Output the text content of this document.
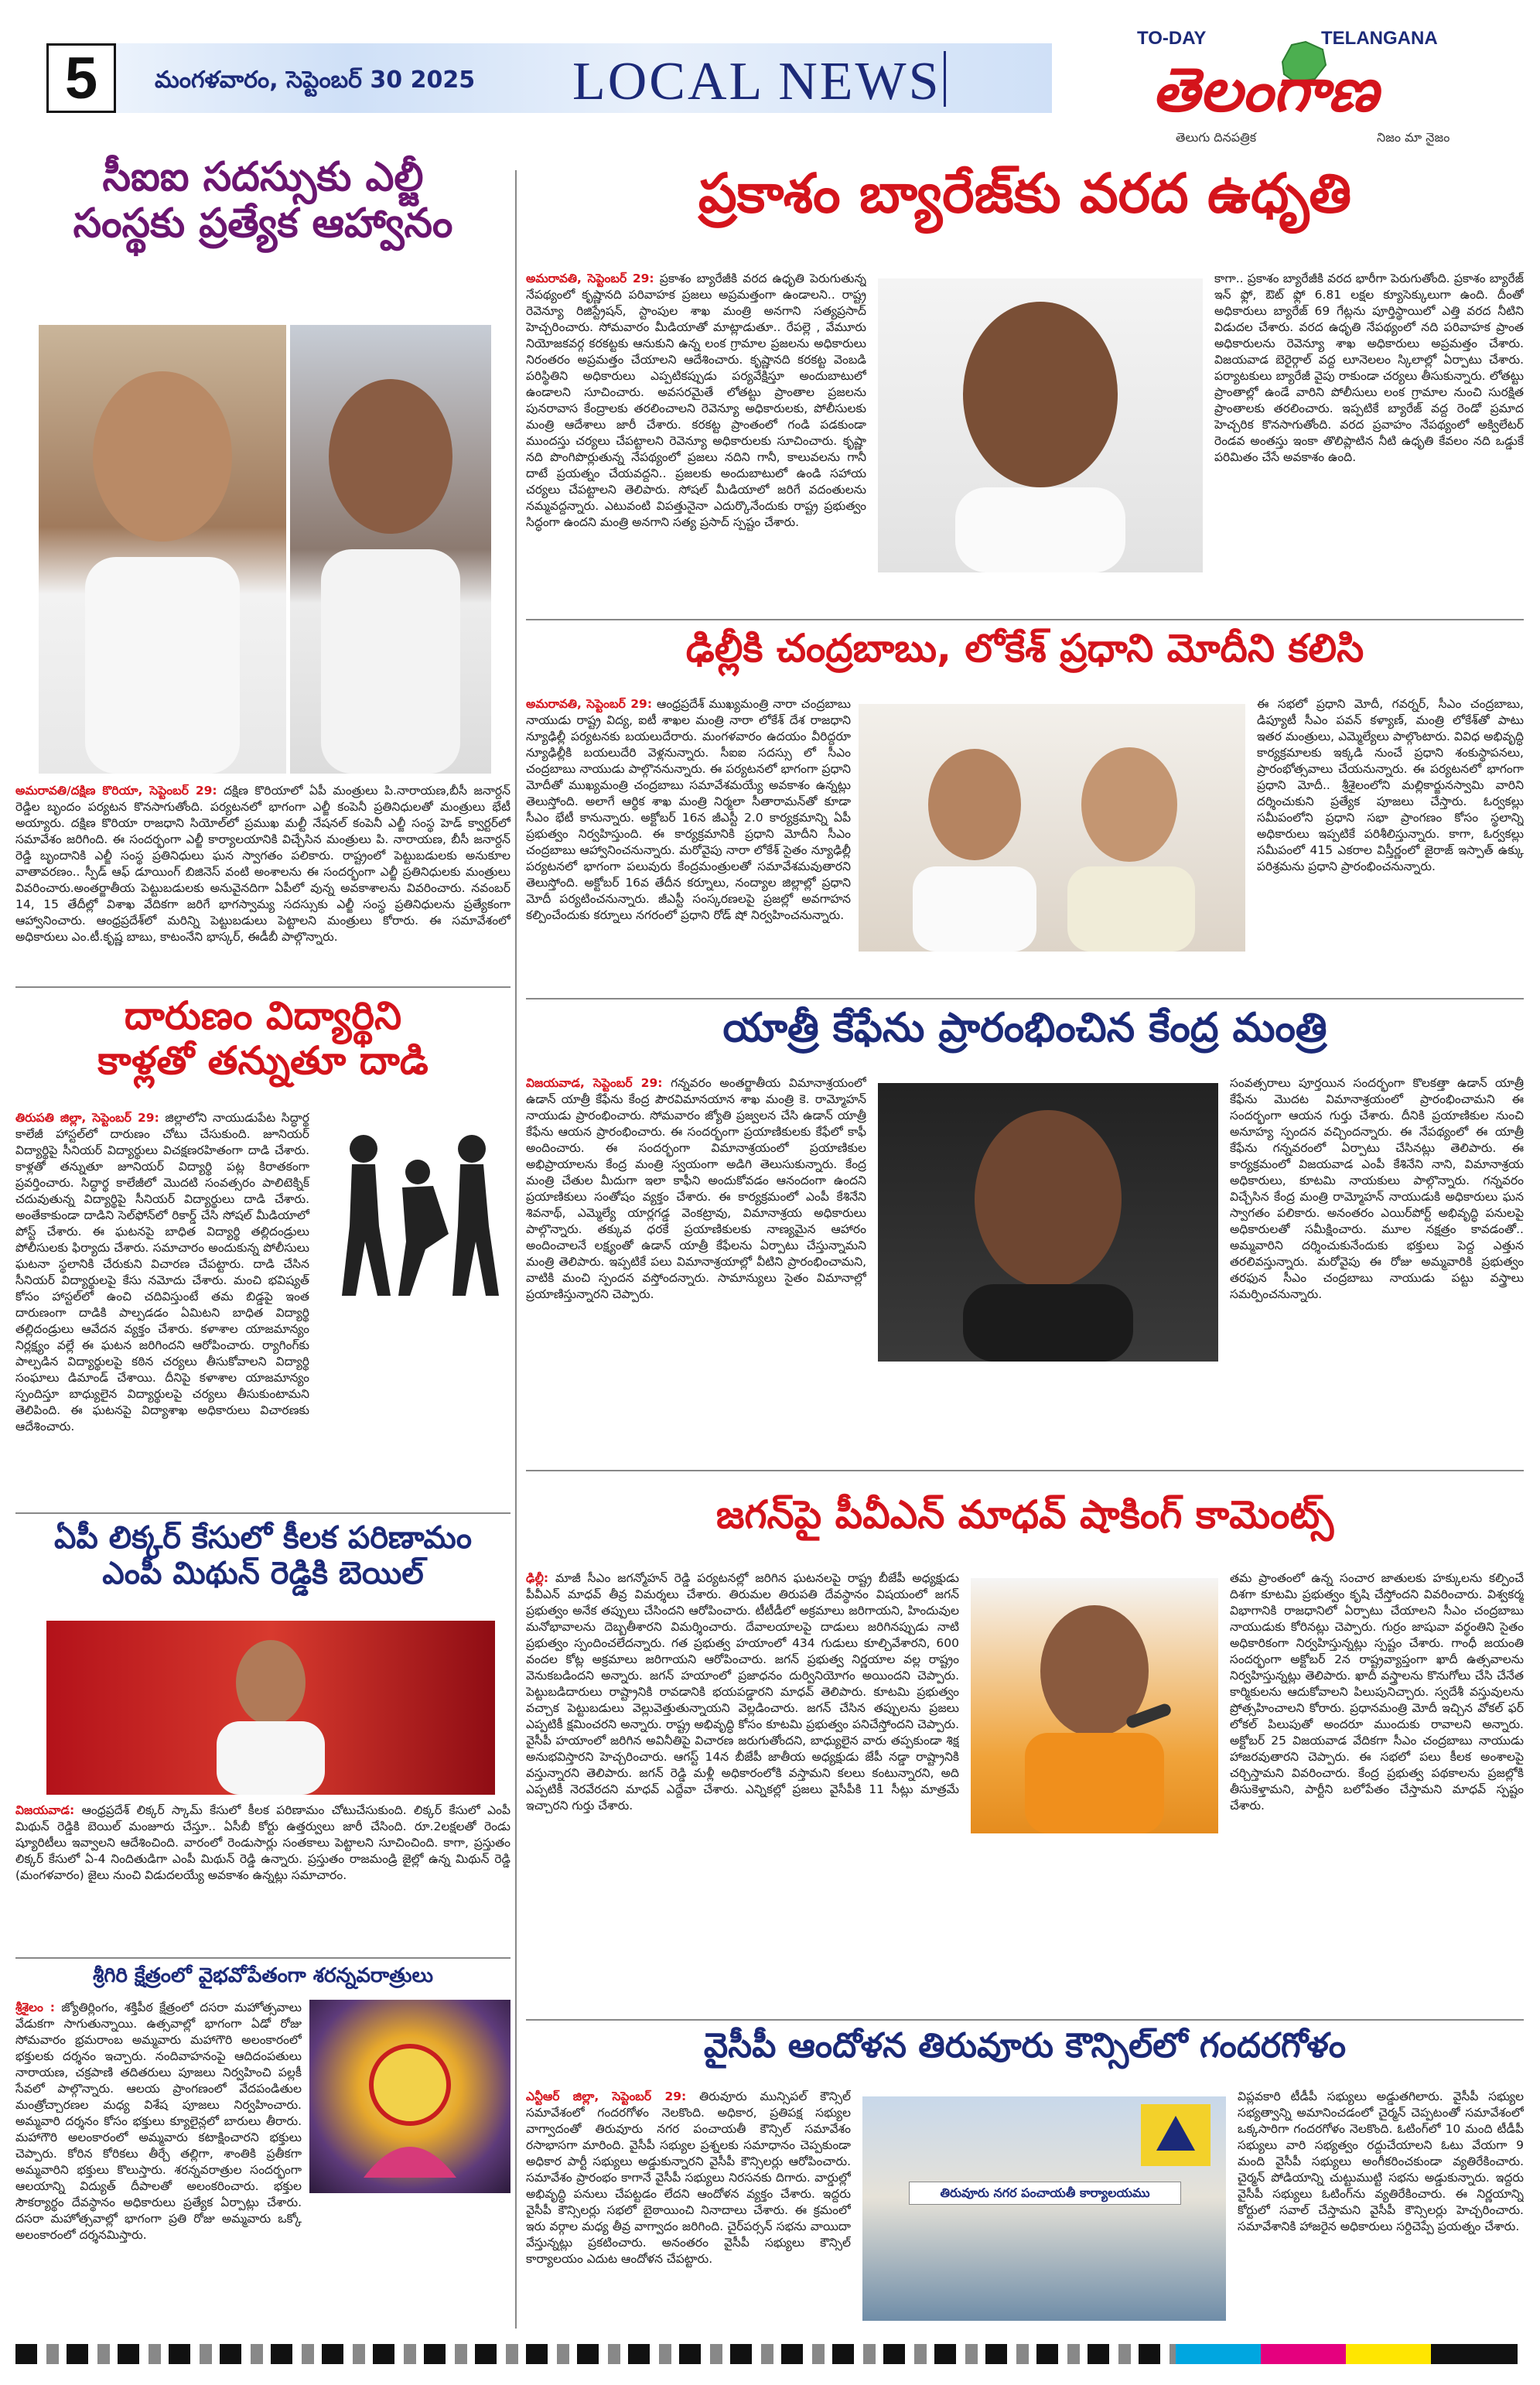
5	మంగళవారం, సెప్టెంబర్ 30 2025 LOCAL NEWS
TO-DAY	TELANGANA
తెలంగాణ
తెలుగు దినపత్రిక	నిజం మా నైజం
సీఐఐ సదస్సుకు ఎల్జీ
సంస్థకు ప్రత్యేక ఆహ్వానం
అమరావతి/దక్షిణ కొరియా, సెప్టెంబర్ 29: దక్షిణ కొరియాలో ఏపీ మంత్రులు పి.నారాయణ,బీసీ జనార్దన్ రెడ్డిల బృందం పర్యటన కొనసాగుతోంది. పర్యటనలో భాగంగా ఎల్జీ కంపెనీ ప్రతినిధులతో మంత్రులు భేటీ అయ్యారు. దక్షిణ కొరియా రాజధాని సియోల్‌లో ప్రముఖ మల్టీ నేషనల్ కంపెనీ ఎల్జీ సంస్థ హెడ్ క్వార్టర్‌లో సమావేశం జరిగింది. ఈ సందర్భంగా ఎల్జీ కార్యాలయానికి విచ్చేసిన మంత్రులు పి. నారాయణ, బీసీ జనార్దన్ రెడ్డి బృందానికి ఎల్జీ సంస్థ ప్రతినిధులు ఘన స్వాగతం పలికారు. రాష్ట్రంలో పెట్టుబడులకు అనుకూల వాతావరణం.. స్పీడ్ ఆఫ్ డూయింగ్ బిజినెస్ వంటి అంశాలను ఈ సందర్భంగా ఎల్జీ ప్రతినిధులకు మంత్రులు వివరించారు.అంతర్జాతీయ పెట్టుబడులకు అనువైనదిగా ఏపీలో వున్న అవకాశాలను వివరించారు. నవంబర్ 14, 15 తేదీల్లో విశాఖ వేదికగా జరిగే భాగస్వామ్య సదస్సుకు ఎల్జీ సంస్థ ప్రతినిధులను ప్రత్యేకంగా ఆహ్వానించారు. ఆంధ్రప్రదేశ్‌లో మరిన్ని పెట్టుబడులు పెట్టాలని మంత్రులు కోరారు. ఈ సమావేశంలో అధికారులు ఎం.టీ.కృష్ణ బాబు, కాటంనేని భాస్కర్, ఈడీబీ పాల్గొన్నారు.
దారుణం విద్యార్థిని
కాళ్లతో తన్నుతూ దాడి
తిరుపతి జిల్లా, సెప్టెంబర్ 29: జిల్లాలోని నాయుడుపేట సిద్ధార్థ కాలేజీ హాస్టల్‌లో దారుణం చోటు చేసుకుంది. జూనియర్ విద్యార్థిపై సీనియర్ విద్యార్థులు విచక్షణరహితంగా దాడి చేశారు. కాళ్లతో తన్నుతూ జూనియర్ విద్యార్థి పట్ల కిరాతకంగా ప్రవర్తించారు. సిద్ధార్థ కాలేజీలో మొదటి సంవత్సరం పాలిటెక్నిక్ చదువుతున్న విద్యార్థిపై సీనియర్ విద్యార్థులు దాడి చేశారు. అంతేకాకుండా దాడిని సెల్‌ఫోన్‌లో రికార్డ్ చేసి సోషల్ మీడియాలో పోస్ట్ చేశారు. ఈ ఘటనపై బాధిత విద్యార్థి తల్లిదండ్రులు పోలీసులకు ఫిర్యాదు చేశారు. సమాచారం అందుకున్న పోలీసులు ఘటనా స్థలానికి చేరుకుని విచారణ చేపట్టారు. దాడి చేసిన సీనియర్ విద్యార్థులపై కేసు నమోదు చేశారు. మంచి భవిష్యత్ కోసం హాస్టల్‌లో ఉంచి చదివిస్తుంటే తమ బిడ్డపై ఇంత దారుణంగా దాడికి పాల్పడడం ఏమిటని బాధిత విద్యార్థి తల్లిదండ్రులు ఆవేదన వ్యక్తం చేశారు. కళాశాల యాజమాన్యం నిర్లక్ష్యం వల్లే ఈ ఘటన జరిగిందని ఆరోపించారు. ర్యాగింగ్‌కు పాల్పడిన విద్యార్థులపై కఠిన చర్యలు తీసుకోవాలని విద్యార్థి సంఘాలు డిమాండ్ చేశాయి. దీనిపై కళాశాల యాజమాన్యం స్పందిస్తూ బాధ్యులైన విద్యార్థులపై చర్యలు తీసుకుంటామని తెలిపింది. ఈ ఘటనపై విద్యాశాఖ అధికారులు విచారణకు ఆదేశించారు.
ఏపీ లిక్కర్ కేసులో కీలక పరిణామం
ఎంపీ మిథున్ రెడ్డికి బెయిల్
విజయవాడ: ఆంధ్రప్రదేశ్ లిక్కర్ స్కామ్ కేసులో కీలక పరిణామం చోటుచేసుకుంది. లిక్కర్ కేసులో ఎంపీ మిథున్ రెడ్డికి బెయిల్ మంజూరు చేస్తూ.. ఏసీబీ కోర్టు ఉత్తర్వులు జారీ చేసింది. రూ.2లక్షలతో రెండు ష్యూరిటీలు ఇవ్వాలని ఆదేశించింది. వారంలో రెండుసార్లు సంతకాలు పెట్టాలని సూచించింది. కాగా, ప్రస్తుతం లిక్కర్ కేసులో ఏ-4 నిందితుడిగా ఎంపీ మిథున్ రెడ్డి ఉన్నారు. ప్రస్తుతం రాజమండ్రి జైల్లో ఉన్న మిథున్ రెడ్డి (మంగళవారం) జైలు నుంచి విడుదలయ్యే అవకాశం ఉన్నట్లు సమాచారం.
శ్రీగిరి క్షేత్రంలో వైభవోపేతంగా శరన్నవరాత్రులు
శ్రీశైలం : జ్యోతిర్లింగం, శక్తిపీఠ క్షేత్రంలో దసరా మహోత్సవాలు వేడుకగా సాగుతున్నాయి. ఉత్సవాల్లో భాగంగా ఏడో రోజు సోమవారం భ్రమరాంబ అమ్మవారు మహాగౌరి అలంకారంలో భక్తులకు దర్శనం ఇచ్చారు. నందివాహనంపై ఆదిదంపతులు నారాయణ, చక్రపాణి తదితరులు పూజలు నిర్వహించి పల్లకీ సేవలో పాల్గొన్నారు. ఆలయ ప్రాంగణంలో వేదపండితుల మంత్రోచ్చారణల మధ్య విశేష పూజలు నిర్వహించారు. అమ్మవారి దర్శనం కోసం భక్తులు క్యూలైన్లలో బారులు తీరారు. మహాగౌరి అలంకారంలో అమ్మవారు కటాక్షించారని భక్తులు చెప్పారు. కోరిన కోరికలు తీర్చే తల్లిగా, శాంతికి ప్రతీకగా అమ్మవారిని భక్తులు కొలుస్తారు. శరన్నవరాత్రుల సందర్భంగా ఆలయాన్ని విద్యుత్ దీపాలతో అలంకరించారు. భక్తుల సౌకర్యార్థం దేవస్థానం అధికారులు ప్రత్యేక ఏర్పాట్లు చేశారు. దసరా మహోత్సవాల్లో భాగంగా ప్రతి రోజు అమ్మవారు ఒక్కో అలంకారంలో దర్శనమిస్తారు.
ప్రకాశం బ్యారేజ్‌కు వరద ఉధృతి
అమరావతి, సెప్టెంబర్ 29: ప్రకాశం బ్యారేజీకి వరద ఉధృతి పెరుగుతున్న నేపథ్యంలో కృష్ణానది పరివాహక ప్రజలు అప్రమత్తంగా ఉండాలని.. రాష్ట్ర రెవెన్యూ రిజిస్ట్రేషన్, స్టాంపుల శాఖ మంత్రి అనగాని సత్యప్రసాద్ హెచ్చరించారు. సోమవారం మీడియాతో మాట్లాడుతూ.. రేపల్లె , వేమూరు నియోజకవర్గ కరకట్టకు ఆనుకుని ఉన్న లంక గ్రామాల ప్రజలను అధికారులు నిరంతరం అప్రమత్తం చేయాలని ఆదేశించారు. కృష్ణానది కరకట్ట వెంబడి పరిస్థితిని అధికారులు ఎప్పటికప్పుడు పర్యవేక్షిస్తూ అందుబాటులో ఉండాలని సూచించారు. అవసరమైతే లోతట్టు ప్రాంతాల ప్రజలను పునరావాస కేంద్రాలకు తరలించాలని రెవెన్యూ అధికారులకు, పోలీసులకు మంత్రి ఆదేశాలు జారీ చేశారు. కరకట్ట ప్రాంతంలో గండి పడకుండా ముందస్తు చర్యలు చేపట్టాలని రెవెన్యూ అధికారులకు సూచించారు. కృష్ణా నది పొంగిపొర్లుతున్న నేపథ్యంలో ప్రజలు నదిని గానీ, కాలువలను గానీ దాటే ప్రయత్నం చేయవద్దని.. ప్రజలకు అందుబాటులో ఉండి సహాయ చర్యలు చేపట్టాలని తెలిపారు. సోషల్ మీడియాలో జరిగే వదంతులను నమ్మవద్దన్నారు. ఎటువంటి విపత్తునైనా ఎదుర్కొనేందుకు రాష్ట్ర ప్రభుత్వం సిద్ధంగా ఉందని మంత్రి అనగాని సత్య ప్రసాద్ స్పష్టం చేశారు.
కాగా.. ప్రకాశం బ్యారేజీకి వరద భారీగా పెరుగుతోంది. ప్రకాశం బ్యారేజ్ ఇన్ ఫ్లో, ఔట్ ఫ్లో 6.81 లక్షల క్యూసెక్కులుగా ఉంది. దీంతో అధికారులు బ్యారేజ్ 69 గేట్లను పూర్తిస్థాయిలో ఎత్తి వరద నీటిని విడుదల చేశారు. వరద ఉధృతి నేపథ్యంలో నది పరివాహక ప్రాంత అధికారులను రెవెన్యూ శాఖ అధికారులు అప్రమత్తం చేశారు. విజయవాడ బెరైర్గాల్ వద్ద లూనెలలం స్కిలాల్లో ఏర్పాటు చేశారు. పర్యాటకులు బ్యారేజీ వైపు రాకుండా చర్యలు తీసుకున్నారు. లోతట్టు ప్రాంతాల్లో ఉండే వారిని పోలీసులు లంక గ్రామాల నుంచి సురక్షిత ప్రాంతాలకు తరలించారు. ఇప్పటికే బ్యారేజ్ వద్ద రెండో ప్రమాద హెచ్చరిక కొనసాగుతోంది. వరద ప్రవాహం నేపథ్యంలో అక్విలేటర్ రెండవ అంతస్తు ఇంకా తొలిప్లాటిన నీటి ఉధృతి కేవలం నది ఒడ్డుకే పరిమితం చేసే అవకాశం ఉంది.
ఢిల్లీకి చంద్రబాబు, లోకేశ్ ప్రధాని మోదీని కలిసి
అమరావతి, సెప్టెంబర్ 29: ఆంధ్రప్రదేశ్ ముఖ్యమంత్రి నారా చంద్రబాబు నాయుడు రాష్ట్ర విద్య, ఐటీ శాఖల మంత్రి నారా లోకేశ్ దేశ రాజధాని న్యూఢిల్లీ పర్యటనకు బయలుదేరారు. మంగళవారం ఉదయం వీరిద్దరూ న్యూఢిల్లీకి బయలుదేరి వెళ్లనున్నారు. సీఐఐ సదస్సు లో సీఎం చంద్రబాబు నాయుడు పాల్గొననున్నారు. ఈ పర్యటనలో భాగంగా ప్రధాని మోదీతో ముఖ్యమంత్రి చంద్రబాబు సమావేశమయ్యే అవకాశం ఉన్నట్లు తెలుస్తోంది. అలాగే ఆర్థిక శాఖ మంత్రి నిర్మలా సీతారామన్‌తో కూడా సీఎం భేటీ కానున్నారు. అక్టోబర్ 16న జీఎస్టీ 2.0 కార్యక్రమాన్ని ఏపీ ప్రభుత్వం నిర్వహిస్తుంది. ఈ కార్యక్రమానికి ప్రధాని మోదీని సీఎం చంద్రబాబు ఆహ్వానించనున్నారు. మరోవైపు నారా లోకేశ్ సైతం న్యూఢిల్లీ పర్యటనలో భాగంగా పలువురు కేంద్రమంత్రులతో సమావేశమవుతారని తెలుస్తోంది. అక్టోబర్ 16వ తేదీన కర్నూలు, నంద్యాల జిల్లాల్లో ప్రధాని మోదీ పర్యటించనున్నారు. జీఎస్టీ సంస్కరణలపై ప్రజల్లో అవగాహన కల్పించేందుకు కర్నూలు నగరంలో ప్రధాని రోడ్ షో నిర్వహించనున్నారు.
ఈ సభలో ప్రధాని మోదీ, గవర్నర్, సీఎం చంద్రబాబు, డిప్యూటీ సీఎం పవన్ కళ్యాణ్, మంత్రి లోకేశ్‌తో పాటు ఇతర మంత్రులు, ఎమ్మెల్యేలు పాల్గొంటారు. వివిధ అభివృద్ధి కార్యక్రమాలకు ఇక్కడి నుంచే ప్రధాని శంకుస్థాపనలు, ప్రారంభోత్సవాలు చేయనున్నారు. ఈ పర్యటనలో భాగంగా ప్రధాని మోదీ.. శ్రీశైలంలోని మల్లికార్జునస్వామి వారిని దర్శించుకుని ప్రత్యేక పూజలు చేస్తారు. ఓర్వకల్లు సమీపంలోని ప్రధాని సభా ప్రాంగణం కోసం స్థలాన్ని అధికారులు ఇప్పటికే పరిశీలిస్తున్నారు. కాగా, ఓర్వకల్లు సమీపంలో 415 ఎకరాల విస్తీర్ణంలో జైరాజ్ ఇస్పాత్ ఉక్కు పరిశ్రమను ప్రధాని ప్రారంభించనున్నారు.
యాత్రీ కేఫేను ప్రారంభించిన కేంద్ర మంత్రి
విజయవాడ, సెప్టెంబర్ 29: గన్నవరం అంతర్జాతీయ విమానాశ్రయంలో ఉడాన్ యాత్రీ కేఫేను కేంద్ర పౌరవిమానయాన శాఖ మంత్రి కె. రామ్మోహన్ నాయుడు ప్రారంభించారు. సోమవారం జ్యోతి ప్రజ్వలన చేసి ఉడాన్ యాత్రీ కేఫేను ఆయన ప్రారంభించారు. ఈ సందర్భంగా ప్రయాణికులకు కేఫేలో కాఫీ అందించారు. ఈ సందర్భంగా విమానాశ్రయంలో ప్రయాణికుల అభిప్రాయాలను కేంద్ర మంత్రి స్వయంగా అడిగి తెలుసుకున్నారు. కేంద్ర మంత్రి చేతుల మీదుగా ఇలా కాఫీని అందుకోవడం ఆనందంగా ఉందని ప్రయాణికులు సంతోషం వ్యక్తం చేశారు. ఈ కార్యక్రమంలో ఎంపీ కేశినేని శివనాథ్, ఎమ్మెల్యే యార్లగడ్డ వెంకట్రావు, విమానాశ్రయ అధికారులు పాల్గొన్నారు. తక్కువ ధరకే ప్రయాణికులకు నాణ్యమైన ఆహారం అందించాలనే లక్ష్యంతో ఉడాన్ యాత్రీ కేఫేలను ఏర్పాటు చేస్తున్నామని మంత్రి తెలిపారు. ఇప్పటికే పలు విమానాశ్రయాల్లో వీటిని ప్రారంభించామని, వాటికి మంచి స్పందన వస్తోందన్నారు. సామాన్యులు సైతం విమానాల్లో ప్రయాణిస్తున్నారని చెప్పారు.
సంవత్సరాలు పూర్తయిన సందర్భంగా కొలకత్తా ఉడాన్ యాత్రీ కేఫేను మొదట విమానాశ్రయంలో ప్రారంభించామని ఈ సందర్భంగా ఆయన గుర్తు చేశారు. దీనికి ప్రయాణికుల నుంచి అనూహ్య స్పందన వచ్చిందన్నారు. ఈ నేపథ్యంలో ఈ యాత్రీ కేఫేను గన్నవరంలో ఏర్పాటు చేసినట్లు తెలిపారు. ఈ కార్యక్రమంలో విజయవాడ ఎంపీ కేశినేని నాని, విమానాశ్రయ అధికారులు, కూటమి నాయకులు పాల్గొన్నారు. గన్నవరం విచ్చేసిన కేంద్ర మంత్రి రామ్మోహన్ నాయుడుకి అధికారులు ఘన స్వాగతం పలికారు. అనంతరం ఎయిర్‌పోర్ట్ అభివృద్ధి పనులపై అధికారులతో సమీక్షించారు. మూల నక్షత్రం కావడంతో.. అమ్మవారిని దర్శించుకునేందుకు భక్తులు పెద్ద ఎత్తున తరలివస్తున్నారు. మరోవైపు ఈ రోజు అమ్మవారికి ప్రభుత్వం తరఫున సీఎం చంద్రబాబు నాయుడు పట్టు వస్త్రాలు సమర్పించనున్నారు.
జగన్‌పై పీవీఎన్ మాధవ్ షాకింగ్ కామెంట్స్
ఢిల్లీ: మాజీ సీఎం జగన్మోహన్ రెడ్డి పర్యటనల్లో జరిగిన ఘటనలపై రాష్ట్ర బీజేపీ అధ్యక్షుడు పీవీఎన్ మాధవ్ తీవ్ర విమర్శలు చేశారు. తిరుమల తిరుపతి దేవస్థానం విషయంలో జగన్ ప్రభుత్వం అనేక తప్పులు చేసిందని ఆరోపించారు. టీటీడీలో అక్రమాలు జరిగాయని, హిందువుల మనోభావాలను దెబ్బతీశారని విమర్శించారు. దేవాలయాలపై దాడులు జరిగినప్పుడు నాటి ప్రభుత్వం స్పందించలేదన్నారు. గత ప్రభుత్వ హయాంలో 434 గుడులు కూల్చివేశారని, 600 వందల కోట్ల అక్రమాలు జరిగాయని ఆరోపించారు. జగన్ ప్రభుత్వ నిర్ణయాల వల్ల రాష్ట్రం వెనుకబడిందని అన్నారు. జగన్ హయాంలో ప్రజాధనం దుర్వినియోగం అయిందని చెప్పారు. పెట్టుబడిదారులు రాష్ట్రానికి రావడానికి భయపడ్డారని మాధవ్ తెలిపారు. కూటమి ప్రభుత్వం వచ్చాక పెట్టుబడులు వెల్లువెత్తుతున్నాయని వెల్లడించారు. జగన్ చేసిన తప్పులను ప్రజలు ఎప్పటికీ క్షమించరని అన్నారు. రాష్ట్ర అభివృద్ధి కోసం కూటమి ప్రభుత్వం పనిచేస్తోందని చెప్పారు. వైసీపీ హయాంలో జరిగిన అవినీతిపై విచారణ జరుగుతోందని, బాధ్యులైన వారు తప్పకుండా శిక్ష అనుభవిస్తారని హెచ్చరించారు. ఆగస్ట్ 14న బీజేపీ జాతీయ అధ్యక్షుడు జేపీ నడ్డా రాష్ట్రానికి వస్తున్నారని తెలిపారు. జగన్ రెడ్డి మళ్లీ అధికారంలోకి వస్తామని కలలు కంటున్నారని, అది ఎప్పటికీ నెరవేరదని మాధవ్ ఎద్దేవా చేశారు. ఎన్నికల్లో ప్రజలు వైసీపీకి 11 సీట్లు మాత్రమే ఇచ్చారని గుర్తు చేశారు.
తమ ప్రాంతంలో ఉన్న సంచార జాతులకు హక్కులను కల్పించే దిశగా కూటమి ప్రభుత్వం కృషి చేస్తోందని వివరించారు. విశ్వకర్మ విభాగానికి రాజధానిలో ఏర్పాటు చేయాలని సీఎం చంద్రబాబు నాయుడుకు కోరినట్లు చెప్పారు. గుర్రం జాషువా వర్థంతిని సైతం అధికారికంగా నిర్వహిస్తున్నట్లు స్పష్టం చేశారు. గాంధీ జయంతి సందర్భంగా అక్టోబర్ 2న రాష్ట్రవ్యాప్తంగా ఖాదీ ఉత్సవాలను నిర్వహిస్తున్నట్లు తెలిపారు. ఖాదీ వస్త్రాలను కొనుగోలు చేసి చేనేత కార్మికులను ఆదుకోవాలని పిలుపునిచ్చారు. స్వదేశీ వస్తువులను ప్రోత్సహించాలని కోరారు. ప్రధానమంత్రి మోదీ ఇచ్చిన వోకల్ ఫర్ లోకల్ పిలుపుతో అందరూ ముందుకు రావాలని అన్నారు. అక్టోబర్ 25 విజయవాడ వేదికగా సీఎం చంద్రబాబు నాయుడు హాజరవుతారని చెప్పారు. ఈ సభలో పలు కీలక అంశాలపై చర్చిస్తామని వివరించారు. కేంద్ర ప్రభుత్వ పథకాలను ప్రజల్లోకి తీసుకెళ్తామని, పార్టీని బలోపేతం చేస్తామని మాధవ్ స్పష్టం చేశారు.
వైసీపీ ఆందోళన తిరువూరు కౌన్సిల్‌లో గందరగోళం
ఎన్టీఆర్ జిల్లా, సెప్టెంబర్ 29: తిరువూరు మున్సిపల్ కౌన్సిల్ సమావేశంలో గందరగోళం నెలకొంది. అధికార, ప్రతిపక్ష సభ్యుల వాగ్వాదంతో తిరువూరు నగర పంచాయతీ కౌన్సిల్ సమావేశం రసాభాసగా మారింది. వైసీపీ సభ్యుల ప్రశ్నలకు సమాధానం చెప్పకుండా అధికార పార్టీ సభ్యులు అడ్డుకున్నారని వైసీపీ కౌన్సిలర్లు ఆరోపించారు. సమావేశం ప్రారంభం కాగానే వైసీపీ సభ్యులు నిరసనకు దిగారు. వార్డుల్లో అభివృద్ధి పనులు చేపట్టడం లేదని ఆందోళన వ్యక్తం చేశారు. ఇద్దరు వైసీపీ కౌన్సిలర్లు సభలో బైఠాయించి నినాదాలు చేశారు. ఈ క్రమంలో ఇరు వర్గాల మధ్య తీవ్ర వాగ్వాదం జరిగింది. చైర్‌పర్సన్ సభను వాయిదా వేస్తున్నట్లు ప్రకటించారు. అనంతరం వైసీపీ సభ్యులు కౌన్సిల్ కార్యాలయం ఎదుట ఆందోళన చేపట్టారు.
తిరువూరు నగర పంచాయతీ కార్యాలయము
విప్లవకారి టీడీపీ సభ్యులు అడ్డుతగిలారు. వైసీపీ సభ్యుల సభ్యత్వాన్ని అమానించడంలో చైర్మన్ చెప్పటంతో సమావేశంలో ఒక్కసారిగా గందరగోళం నెలకొంది. ఓటింగ్‌లో 10 మంది టీడీపీ సభ్యులు వారి సభ్యత్వం రద్దుచేయాలని ఓటు వేయగా 9 మంది వైసీపీ సభ్యులు అంగీకరించకుండా వ్యతిరేకించారు. చైర్మన్ పోడియాన్ని చుట్టుముట్టి సభను అడ్డుకున్నారు. ఇద్దరు వైసీపీ సభ్యులు ఓటింగ్‌ను వ్యతిరేకించారు. ఈ నిర్ణయాన్ని కోర్టులో సవాల్ చేస్తామని వైసీపీ కౌన్సిలర్లు హెచ్చరించారు. సమావేశానికి హాజరైన అధికారులు సర్దిచెప్పే ప్రయత్నం చేశారు.
